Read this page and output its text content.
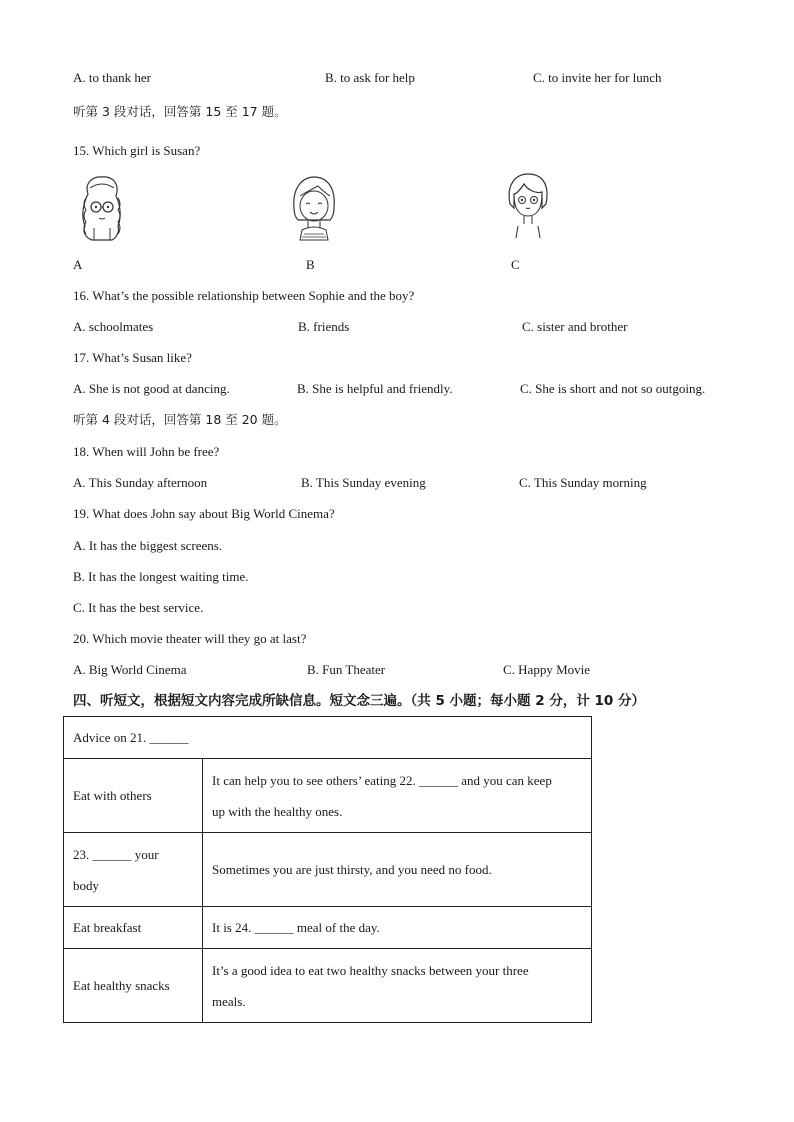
A. to thank her	B. to ask for help	C. to invite her for lunch
听第 3 段对话，回答第 15 至 17 题。
15. Which girl is Susan?
A	B	C
16. What’s the possible relationship between Sophie and the boy?
A. schoolmates	B. friends	C. sister and brother
17. What’s Susan like?
A. She is not good at dancing.	B. She is helpful and friendly.	C. She is short and not so outgoing.
听第 4 段对话，回答第 18 至 20 题。
18. When will John be free?
A. This Sunday afternoon	B. This Sunday evening	C. This Sunday morning
19. What does John say about Big World Cinema?
A. It has the biggest screens.
B. It has the longest waiting time.
C. It has the best service.
20. Which movie theater will they go at last?
A. Big World Cinema	B. Fun Theater	C. Happy Movie
四、听短文，根据短文内容完成所缺信息。短文念三遍。（共 5 小题；每小题 2 分，计 10 分）
Advice on 21. ______	
Eat with others	It can help you to see others’ eating 22. ______ and you can keep
up with the healthy ones.

23. ______ your
body	Sometimes you are just thirsty, and you need no food.
Eat breakfast	It is 24. ______ meal of the day.
Eat healthy snacks	It’s a good idea to eat two healthy snacks between your three
meals.
